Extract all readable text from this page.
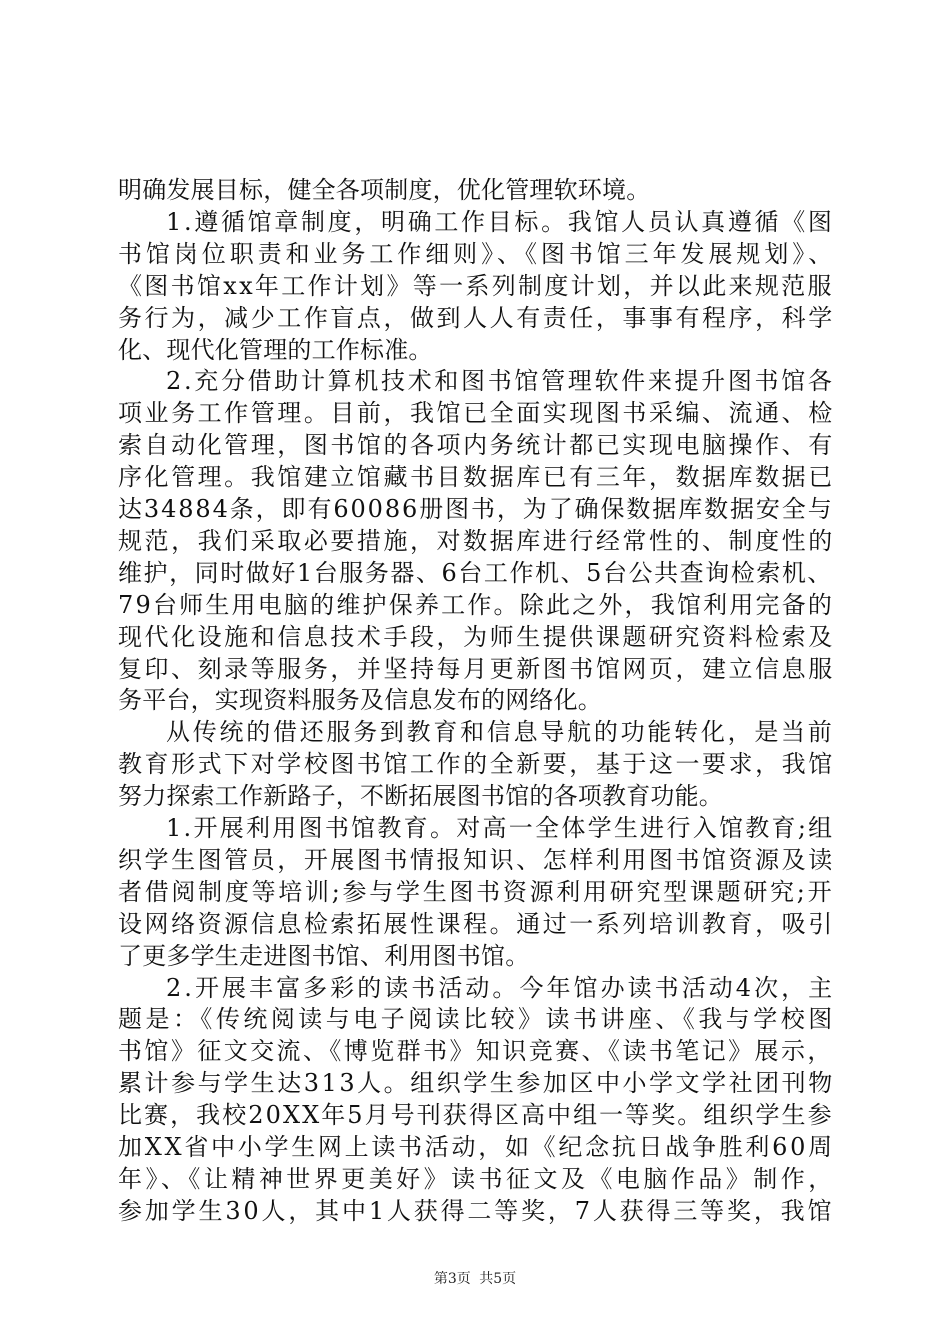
明确发展目标，健全各项制度，优化管理软环境。
1.遵循馆章制度，明确工作目标。我馆人员认真遵循《图
书馆岗位职责和业务工作细则》、《图书馆三年发展规划》、
《图书馆xx年工作计划》等一系列制度计划，并以此来规范服
务行为，减少工作盲点，做到人人有责任，事事有程序，科学
化、现代化管理的工作标准。
2.充分借助计算机技术和图书馆管理软件来提升图书馆各
项业务工作管理。目前，我馆已全面实现图书采编、流通、检
索自动化管理，图书馆的各项内务统计都已实现电脑操作、有
序化管理。我馆建立馆藏书目数据库已有三年，数据库数据已
达34884条，即有60086册图书，为了确保数据库数据安全与
规范，我们采取必要措施，对数据库进行经常性的、制度性的
维护，同时做好1台服务器、6台工作机、5台公共查询检索机、
79台师生用电脑的维护保养工作。除此之外，我馆利用完备的
现代化设施和信息技术手段，为师生提供课题研究资料检索及
复印、刻录等服务，并坚持每月更新图书馆网页，建立信息服
务平台，实现资料服务及信息发布的网络化。
从传统的借还服务到教育和信息导航的功能转化，是当前
教育形式下对学校图书馆工作的全新要，基于这一要求，我馆
努力探索工作新路子，不断拓展图书馆的各项教育功能。
1.开展利用图书馆教育。对高一全体学生进行入馆教育;组
织学生图管员，开展图书情报知识、怎样利用图书馆资源及读
者借阅制度等培训;参与学生图书资源利用研究型课题研究;开
设网络资源信息检索拓展性课程。通过一系列培训教育，吸引
了更多学生走进图书馆、利用图书馆。
2.开展丰富多彩的读书活动。今年馆办读书活动4次，主
题是：《传统阅读与电子阅读比较》读书讲座、《我与学校图
书馆》征文交流、《博览群书》知识竞赛、《读书笔记》展示，
累计参与学生达313人。组织学生参加区中小学文学社团刊物
比赛，我校20XX年5月号刊获得区高中组一等奖。组织学生参
加XX省中小学生网上读书活动，如《纪念抗日战争胜利60周
年》、《让精神世界更美好》读书征文及《电脑作品》制作，
参加学生30人，其中1人获得二等奖，7人获得三等奖，我馆
第3页 共5页
